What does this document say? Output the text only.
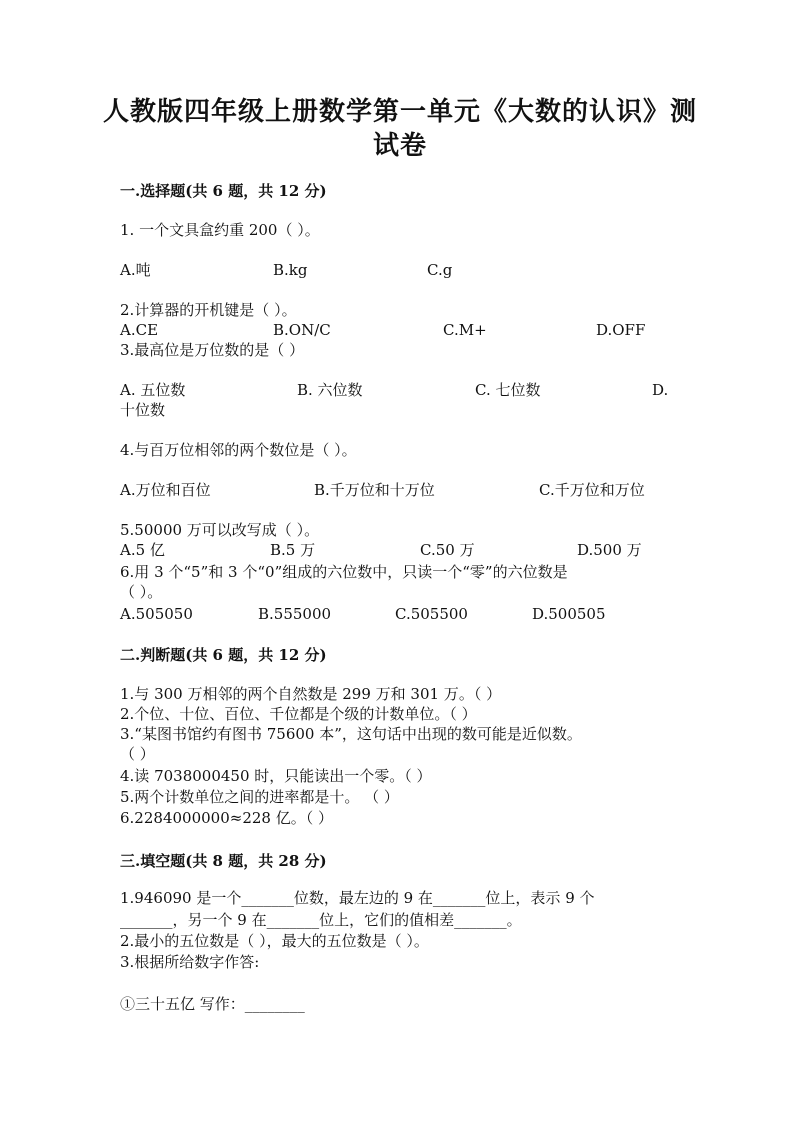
人教版四年级上册数学第一单元《大数的认识》测
试卷
一.选择题(共 6 题，共 12 分)
1. 一个文具盒约重 200（ ）。
A.吨	B.kg	C.g
2.计算器的开机键是（ ）。
A.CE	B.ON/C	C.M+	D.OFF
3.最高位是万位数的是（ ）
A. 五位数	B. 六位数	C. 七位数	D.
十位数
4.与百万位相邻的两个数位是（ ）。
A.万位和百位	B.千万位和十万位	C.千万位和万位
5.50000 万可以改写成（ ）。
A.5 亿	B.5 万	C.50 万	D.500 万
6.用 3 个“5”和 3 个“0”组成的六位数中，只读一个“零”的六位数是
（ ）。
A.505050	B.555000	C.505500	D.500505
二.判断题(共 6 题，共 12 分)
1.与 300 万相邻的两个自然数是 299 万和 301 万。（ ）
2.个位、十位、百位、千位都是个级的计数单位。（ ）
3.“某图书馆约有图书 75600 本”，这句话中出现的数可能是近似数。
（ ）
4.读 7038000450 时，只能读出一个零。（ ）
5.两个计数单位之间的进率都是十。 （ ）
6.2284000000≈228 亿。（ ）
三.填空题(共 8 题，共 28 分)
1.946090 是一个_______位数，最左边的 9 在_______位上，表示 9 个
_______，另一个 9 在_______位上，它们的值相差_______。
2.最小的五位数是（ ），最大的五位数是（ ）。
3.根据所给数字作答:
①三十五亿 写作：________
